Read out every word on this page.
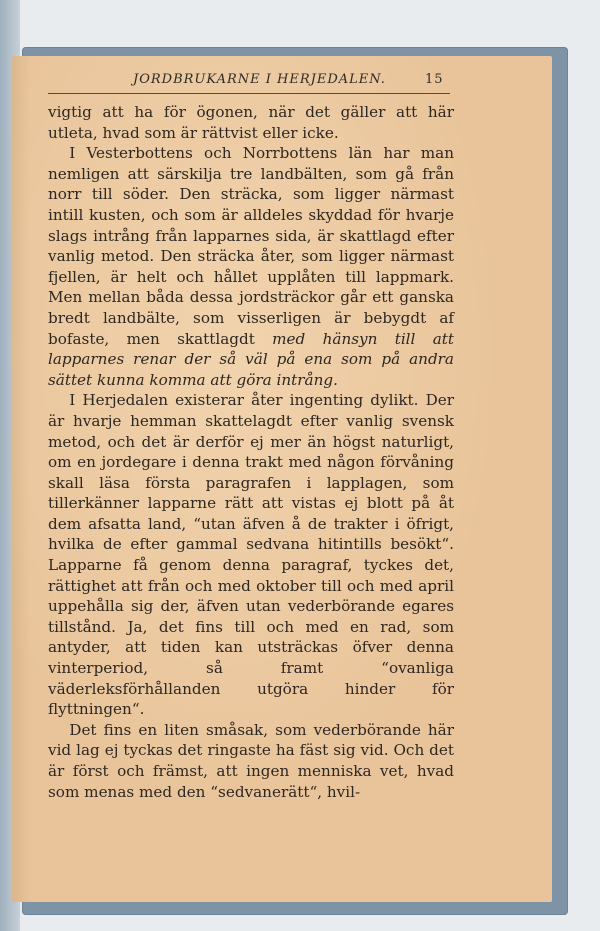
JORDBRUKARNE I HERJEDALEN.	15

vigtig att ha för ögonen, när det gäller att här utleta, hvad som är rättvist eller icke.

I Vesterbottens och Norrbottens län har man nemligen att särskilja tre landbälten, som gå från norr till söder. Den sträcka, som ligger närmast intill kusten, och som är alldeles skyddad för hvarje slags intrång från lapparnes sida, är skattlagd efter vanlig metod. Den sträcka åter, som ligger närmast fjellen, är helt och hållet upplåten till lappmark. Men mellan båda dessa jordsträckor går ett ganska bredt landbälte, som visserligen är bebygdt af bofaste, men skattlagdt med hänsyn till att lapparnes renar der så väl på ena som på andra sättet kunna komma att göra intrång.

I Herjedalen existerar åter ingenting dylikt. Der är hvarje hemman skattelagdt efter vanlig svensk metod, och det är derför ej mer än högst naturligt, om en jordegare i denna trakt med någon förvåning skall läsa första paragrafen i lapplagen, som tillerkänner lapparne rätt att vistas ej blott på åt dem afsatta land, “utan äfven å de trakter i öfrigt, hvilka de efter gammal sedvana hitintills besökt“. Lapparne få genom denna paragraf, tyckes det, rättighet att från och med oktober till och med april uppehålla sig der, äfven utan vederbörande egares tillstånd. Ja, det fins till och med en rad, som antyder, att tiden kan utsträckas öfver denna vinterperiod, så framt “ovanliga väderleksförhållanden utgöra hinder för flyttningen“.

Det fins en liten småsak, som vederbörande här vid lag ej tyckas det ringaste ha fäst sig vid. Och det är först och främst, att ingen menniska vet, hvad som menas med den “sedvanerätt“, hvil-
